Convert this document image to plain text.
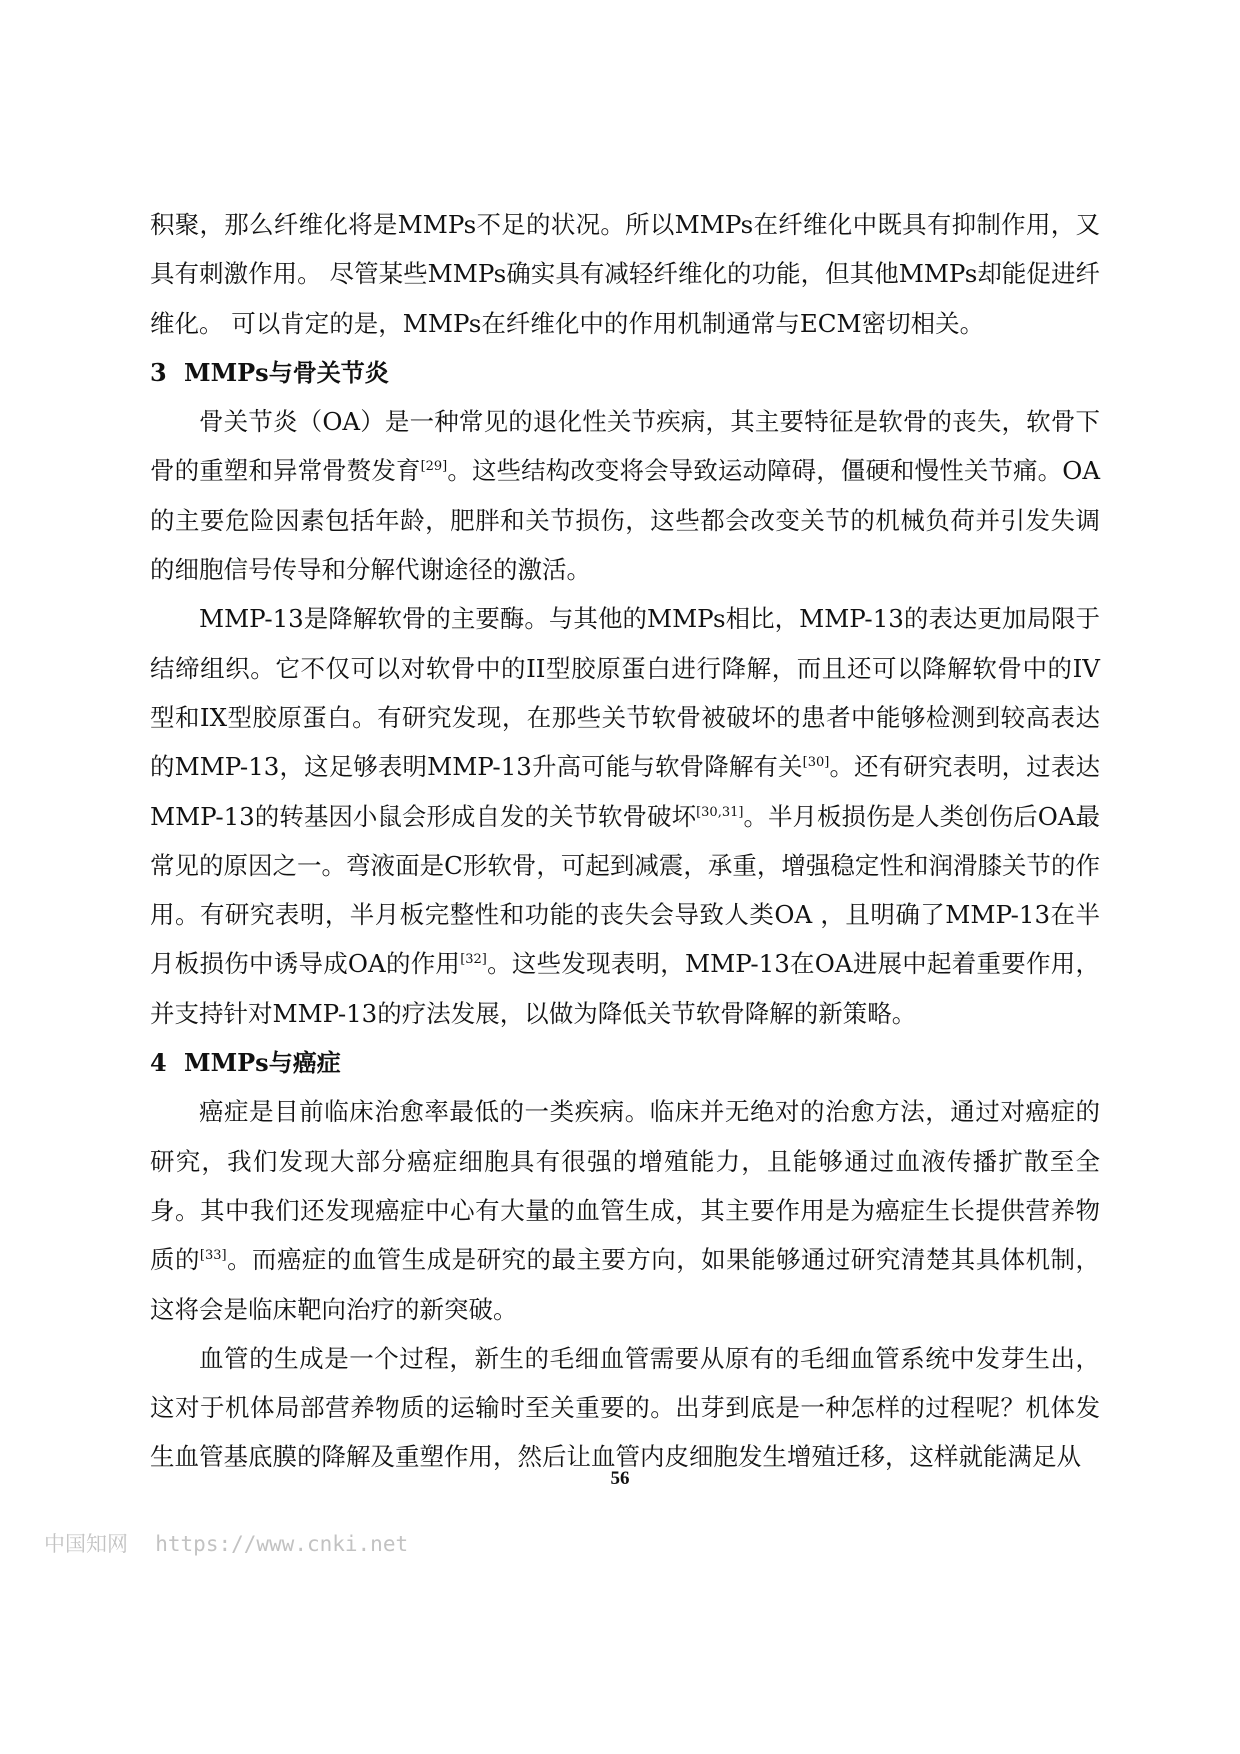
积聚，那么纤维化将是MMPs不足的状况。所以MMPs在纤维化中既具有抑制作用，又具有刺激作用。 尽管某些MMPs确实具有减轻纤维化的功能，但其他MMPs却能促进纤维化。 可以肯定的是，MMPs在纤维化中的作用机制通常与ECM密切相关。

3 MMPs与骨关节炎

骨关节炎（OA）是一种常见的退化性关节疾病，其主要特征是软骨的丧失，软骨下骨的重塑和异常骨赘发育[29]。这些结构改变将会导致运动障碍，僵硬和慢性关节痛。OA的主要危险因素包括年龄，肥胖和关节损伤，这些都会改变关节的机械负荷并引发失调的细胞信号传导和分解代谢途径的激活。

MMP-13是降解软骨的主要酶。与其他的MMPs相比，MMP-13的表达更加局限于结缔组织。它不仅可以对软骨中的II型胶原蛋白进行降解，而且还可以降解软骨中的IV型和IX型胶原蛋白。有研究发现，在那些关节软骨被破坏的患者中能够检测到较高表达的MMP-13，这足够表明MMP-13升高可能与软骨降解有关[30]。还有研究表明，过表达MMP-13的转基因小鼠会形成自发的关节软骨破坏[30,31]。半月板损伤是人类创伤后OA最常见的原因之一。弯液面是C形软骨，可起到减震，承重，增强稳定性和润滑膝关节的作用。有研究表明，半月板完整性和功能的丧失会导致人类OA ，且明确了MMP-13在半月板损伤中诱导成OA的作用[32]。这些发现表明，MMP-13在OA进展中起着重要作用，并支持针对MMP-13的疗法发展，以做为降低关节软骨降解的新策略。

4 MMPs与癌症

癌症是目前临床治愈率最低的一类疾病。临床并无绝对的治愈方法，通过对癌症的研究，我们发现大部分癌症细胞具有很强的增殖能力，且能够通过血液传播扩散至全身。其中我们还发现癌症中心有大量的血管生成，其主要作用是为癌症生长提供营养物质的[33]。而癌症的血管生成是研究的最主要方向，如果能够通过研究清楚其具体机制，这将会是临床靶向治疗的新突破。

血管的生成是一个过程，新生的毛细血管需要从原有的毛细血管系统中发芽生出，这对于机体局部营养物质的运输时至关重要的。出芽到底是一种怎样的过程呢？机体发生血管基底膜的降解及重塑作用，然后让血管内皮细胞发生增殖迁移，这样就能满足从

56
中国知网 https://www.cnki.net
